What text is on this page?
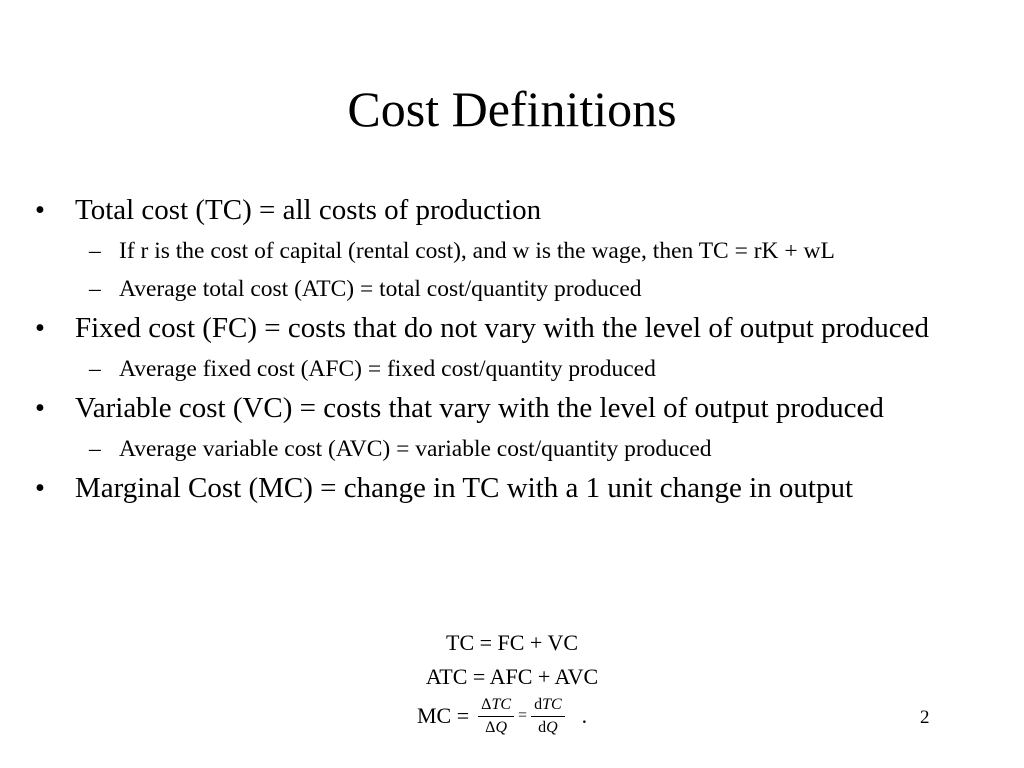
Cost Definitions
• Total cost (TC) = all costs of production
– If r is the cost of capital (rental cost), and w is the wage, then TC = rK + wL
– Average total cost (ATC) = total cost/quantity produced
• Fixed cost (FC) = costs that do not vary with the level of output produced
– Average fixed cost (AFC) = fixed cost/quantity produced
• Variable cost (VC) = costs that vary with the level of output produced
– Average variable cost (AVC) = variable cost/quantity produced
• Marginal Cost (MC) = change in TC with a 1 unit change in output
TC = FC + VC
ATC = AFC + AVC
MC = $\frac{\text{ΔTC}}{\Delta Q} = \frac{\text{dTC}}{dQ}$ .	2
